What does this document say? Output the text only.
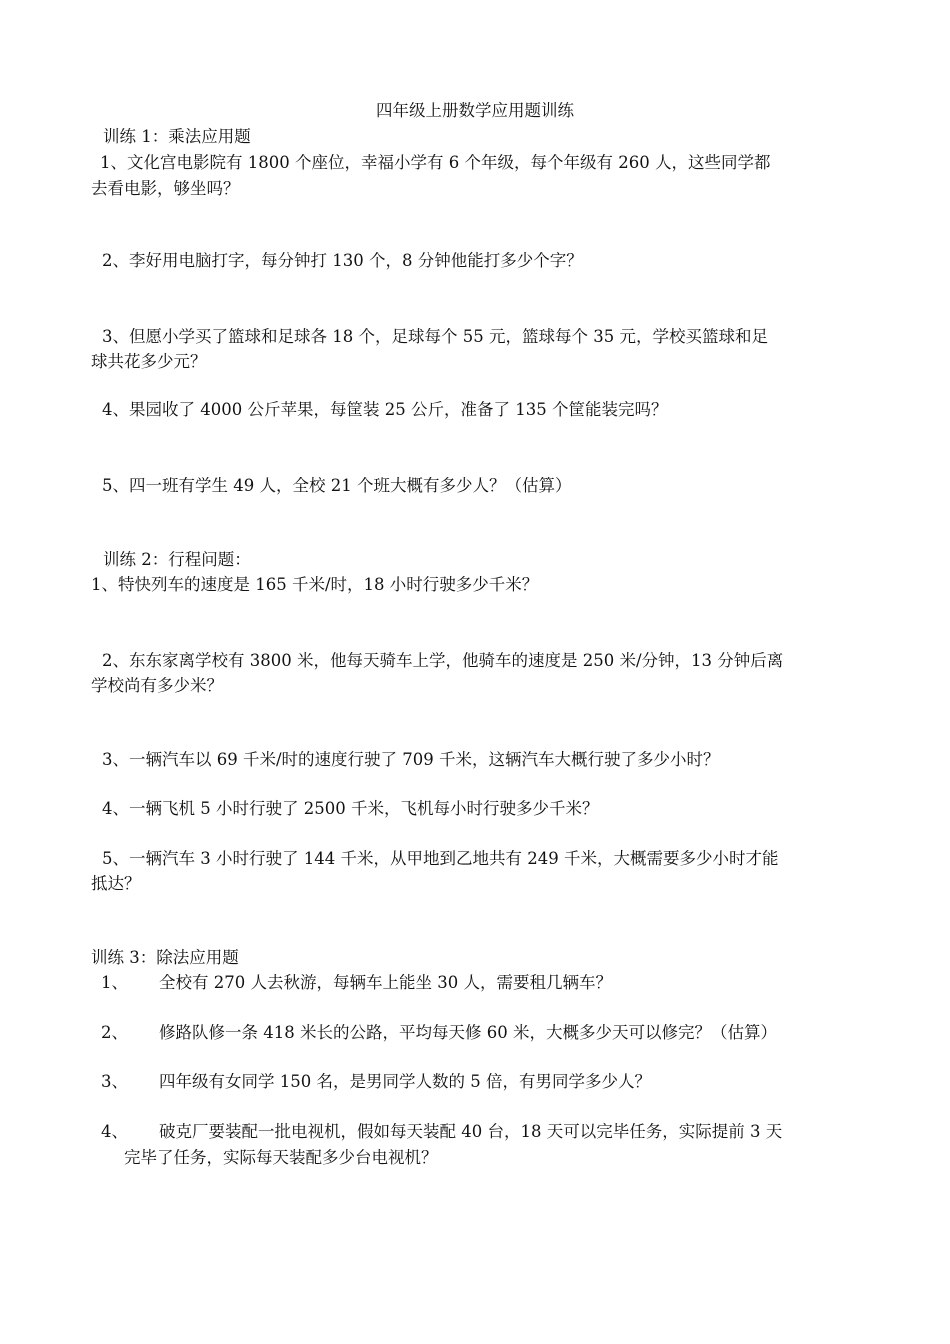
四年级上册数学应用题训练
训练 1：乘法应用题
1、文化宫电影院有 1800 个座位，幸福小学有 6 个年级，每个年级有 260 人，这些同学都
去看电影，够坐吗？
2、李好用电脑打字，每分钟打 130 个，8 分钟他能打多少个字？
3、但愿小学买了篮球和足球各 18 个，足球每个 55 元，篮球每个 35 元，学校买篮球和足
球共花多少元？
4、果园收了 4000 公斤苹果，每筐装 25 公斤，准备了 135 个筐能装完吗？
5、四一班有学生 49 人，全校 21 个班大概有多少人？（估算）
训练 2：行程问题：
1、特快列车的速度是 165 千米/时，18 小时行驶多少千米？
2、东东家离学校有 3800 米，他每天骑车上学，他骑车的速度是 250 米/分钟，13 分钟后离
学校尚有多少米？
3、一辆汽车以 69 千米/时的速度行驶了 709 千米，这辆汽车大概行驶了多少小时？
4、一辆飞机 5 小时行驶了 2500 千米，飞机每小时行驶多少千米？
5、一辆汽车 3 小时行驶了 144 千米，从甲地到乙地共有 249 千米，大概需要多少小时才能
抵达？
训练 3：除法应用题
1、 全校有 270 人去秋游，每辆车上能坐 30 人，需要租几辆车？
2、 修路队修一条 418 米长的公路，平均每天修 60 米，大概多少天可以修完？（估算）
3、 四年级有女同学 150 名，是男同学人数的 5 倍，有男同学多少人？
4、 破克厂要装配一批电视机，假如每天装配 40 台，18 天可以完毕任务，实际提前 3 天
完毕了任务，实际每天装配多少台电视机？
